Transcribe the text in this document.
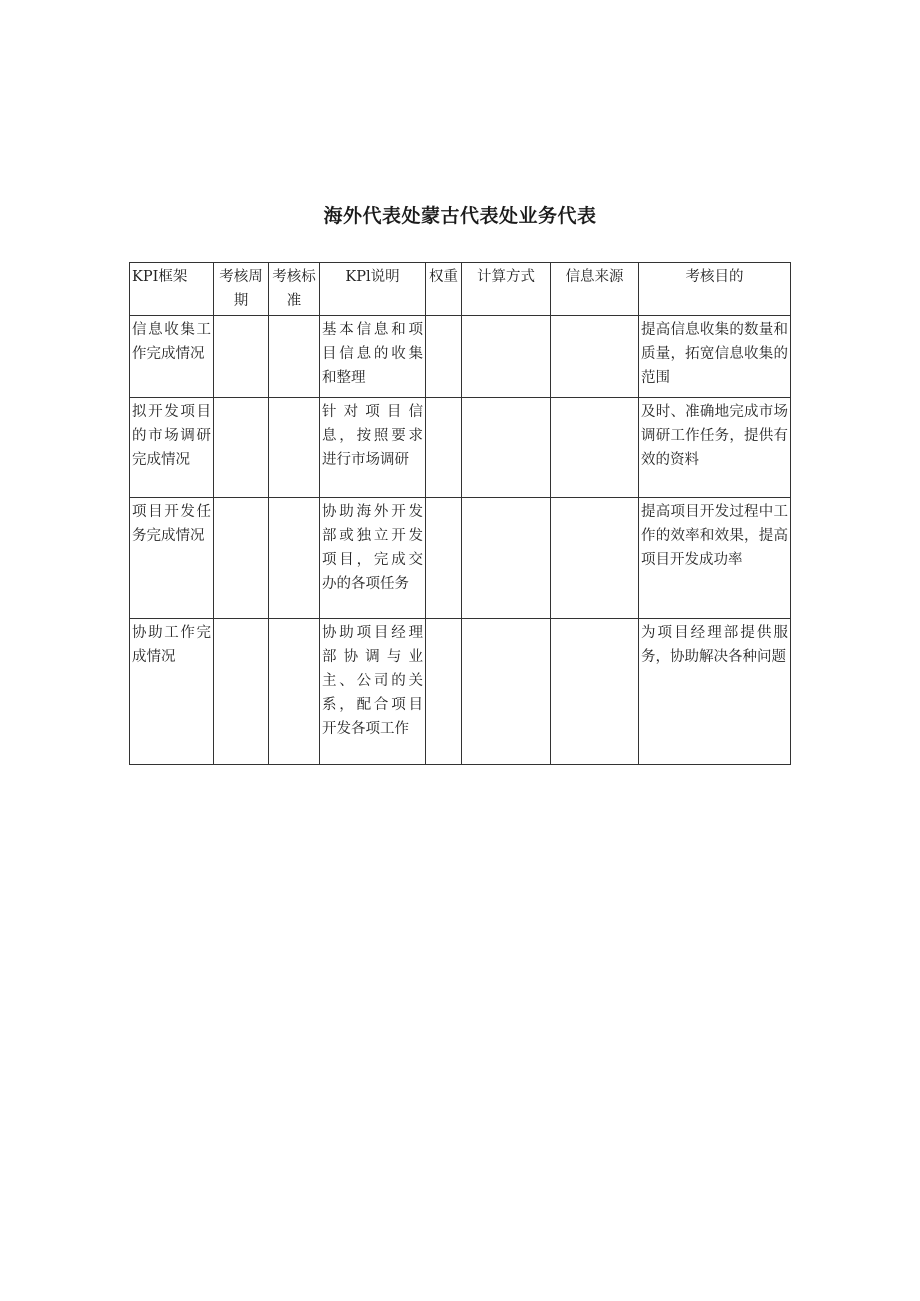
海外代表处蒙古代表处业务代表
KPI框架	考核周期	考核标准	KPl说明	权重	计算方式	信息来源	考核目的
信息收集工作完成情况			基本信息和项目信息的收集和整理				提高信息收集的数量和质量，拓宽信息收集的范围
拟开发项目的市场调研完成情况			针对项目信息，按照要求进行市场调研				及时、准确地完成市场调研工作任务，提供有效的资料
项目开发任务完成情况			协助海外开发部或独立开发项目，完成交办的各项任务				提高项目开发过程中工作的效率和效果，提高项目开发成功率
协助工作完成情况			协助项目经理部协调与业主、公司的关系，配合项目开发各项工作				为项目经理部提供服务，协助解决各种问题
